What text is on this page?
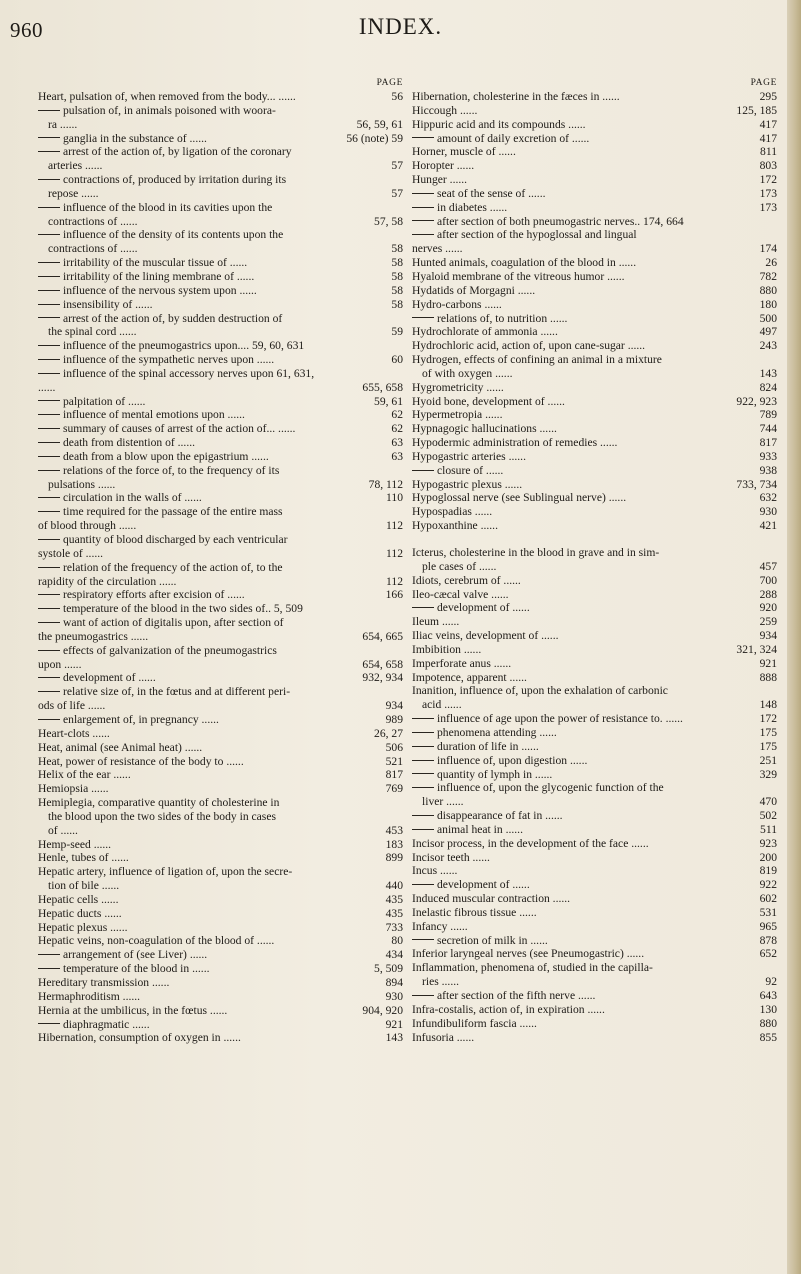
960	INDEX.
PAGE
Heart, pulsation of, when removed from the body... ......	56
pulsation of, in animals poisoned with woora-
ra ......	56, 59, 61
ganglia in the substance of ......	56 (note) 59
arrest of the action of, by ligation of the coronary
arteries ......	57
contractions of, produced by irritation during its
repose ......	57
influence of the blood in its cavities upon the
contractions of ......	57, 58
influence of the density of its contents upon the
contractions of ......	58
irritability of the muscular tissue of ......	58
irritability of the lining membrane of ......	58
influence of the nervous system upon ......	58
insensibility of ......	58
arrest of the action of, by sudden destruction of
the spinal cord ......	59
influence of the pneumogastrics upon.... 59, 60, 631
influence of the sympathetic nerves upon ......	60
influence of the spinal accessory nerves upon 61, 631,
......	655, 658
palpitation of ......	59, 61
influence of mental emotions upon ......	62
summary of causes of arrest of the action of... ......	62
death from distention of ......	63
death from a blow upon the epigastrium ......	63
relations of the force of, to the frequency of its
pulsations ......	78, 112
circulation in the walls of ......	110
time required for the passage of the entire mass
of blood through ......	112
quantity of blood discharged by each ventricular
systole of ......	112
relation of the frequency of the action of, to the
rapidity of the circulation ......	112
respiratory efforts after excision of ......	166
temperature of the blood in the two sides of.. 5, 509
want of action of digitalis upon, after section of
the pneumogastrics ......	654, 665
effects of galvanization of the pneumogastrics
upon ......	654, 658
development of ......	932, 934
relative size of, in the fœtus and at different peri-
ods of life ......	934
enlargement of, in pregnancy ......	989
Heart-clots ......	26, 27
Heat, animal (see Animal heat) ......	506
Heat, power of resistance of the body to ......	521
Helix of the ear ......	817
Hemiopsia ......	769
Hemiplegia, comparative quantity of cholesterine in
the blood upon the two sides of the body in cases
of ......	453
Hemp-seed ......	183
Henle, tubes of ......	899
Hepatic artery, influence of ligation of, upon the secre-
tion of bile ......	440
Hepatic cells ......	435
Hepatic ducts ......	435
Hepatic plexus ......	733
Hepatic veins, non-coagulation of the blood of ......	80
arrangement of (see Liver) ......	434
temperature of the blood in ......	5, 509
Hereditary transmission ......	894
Hermaphroditism ......	930
Hernia at the umbilicus, in the fœtus ......	904, 920
diaphragmatic ......	921
Hibernation, consumption of oxygen in ......	143
PAGE
Hibernation, cholesterine in the fæces in ......	295
Hiccough ......	125, 185
Hippuric acid and its compounds ......	417
amount of daily excretion of ......	417
Horner, muscle of ......	811
Horopter ......	803
Hunger ......	172
seat of the sense of ......	173
in diabetes ......	173
after section of both pneumogastric nerves.. 174, 664
after section of the hypoglossal and lingual
nerves ......	174
Hunted animals, coagulation of the blood in ......	26
Hyaloid membrane of the vitreous humor ......	782
Hydatids of Morgagni ......	880
Hydro-carbons ......	180
relations of, to nutrition ......	500
Hydrochlorate of ammonia ......	497
Hydrochloric acid, action of, upon cane-sugar ......	243
Hydrogen, effects of confining an animal in a mixture
of with oxygen ......	143
Hygrometricity ......	824
Hyoid bone, development of ......	922, 923
Hypermetropia ......	789
Hypnagogic hallucinations ......	744
Hypodermic administration of remedies ......	817
Hypogastric arteries ......	933
closure of ......	938
Hypogastric plexus ......	733, 734
Hypoglossal nerve (see Sublingual nerve) ......	632
Hypospadias ......	930
Hypoxanthine ......	421
Icterus, cholesterine in the blood in grave and in sim-
ple cases of ......	457
Idiots, cerebrum of ......	700
Ileo-cæcal valve ......	288
development of ......	920
Ileum ......	259
Iliac veins, development of ......	934
Imbibition ......	321, 324
Imperforate anus ......	921
Impotence, apparent ......	888
Inanition, influence of, upon the exhalation of carbonic
acid ......	148
influence of age upon the power of resistance to. ......	172
phenomena attending ......	175
duration of life in ......	175
influence of, upon digestion ......	251
quantity of lymph in ......	329
influence of, upon the glycogenic function of the
liver ......	470
disappearance of fat in ......	502
animal heat in ......	511
Incisor process, in the development of the face ......	923
Incisor teeth ......	200
Incus ......	819
development of ......	922
Induced muscular contraction ......	602
Inelastic fibrous tissue ......	531
Infancy ......	965
secretion of milk in ......	878
Inferior laryngeal nerves (see Pneumogastric) ......	652
Inflammation, phenomena of, studied in the capilla-
ries ......	92
after section of the fifth nerve ......	643
Infra-costalis, action of, in expiration ......	130
Infundibuliform fascia ......	880
Infusoria ......	855
